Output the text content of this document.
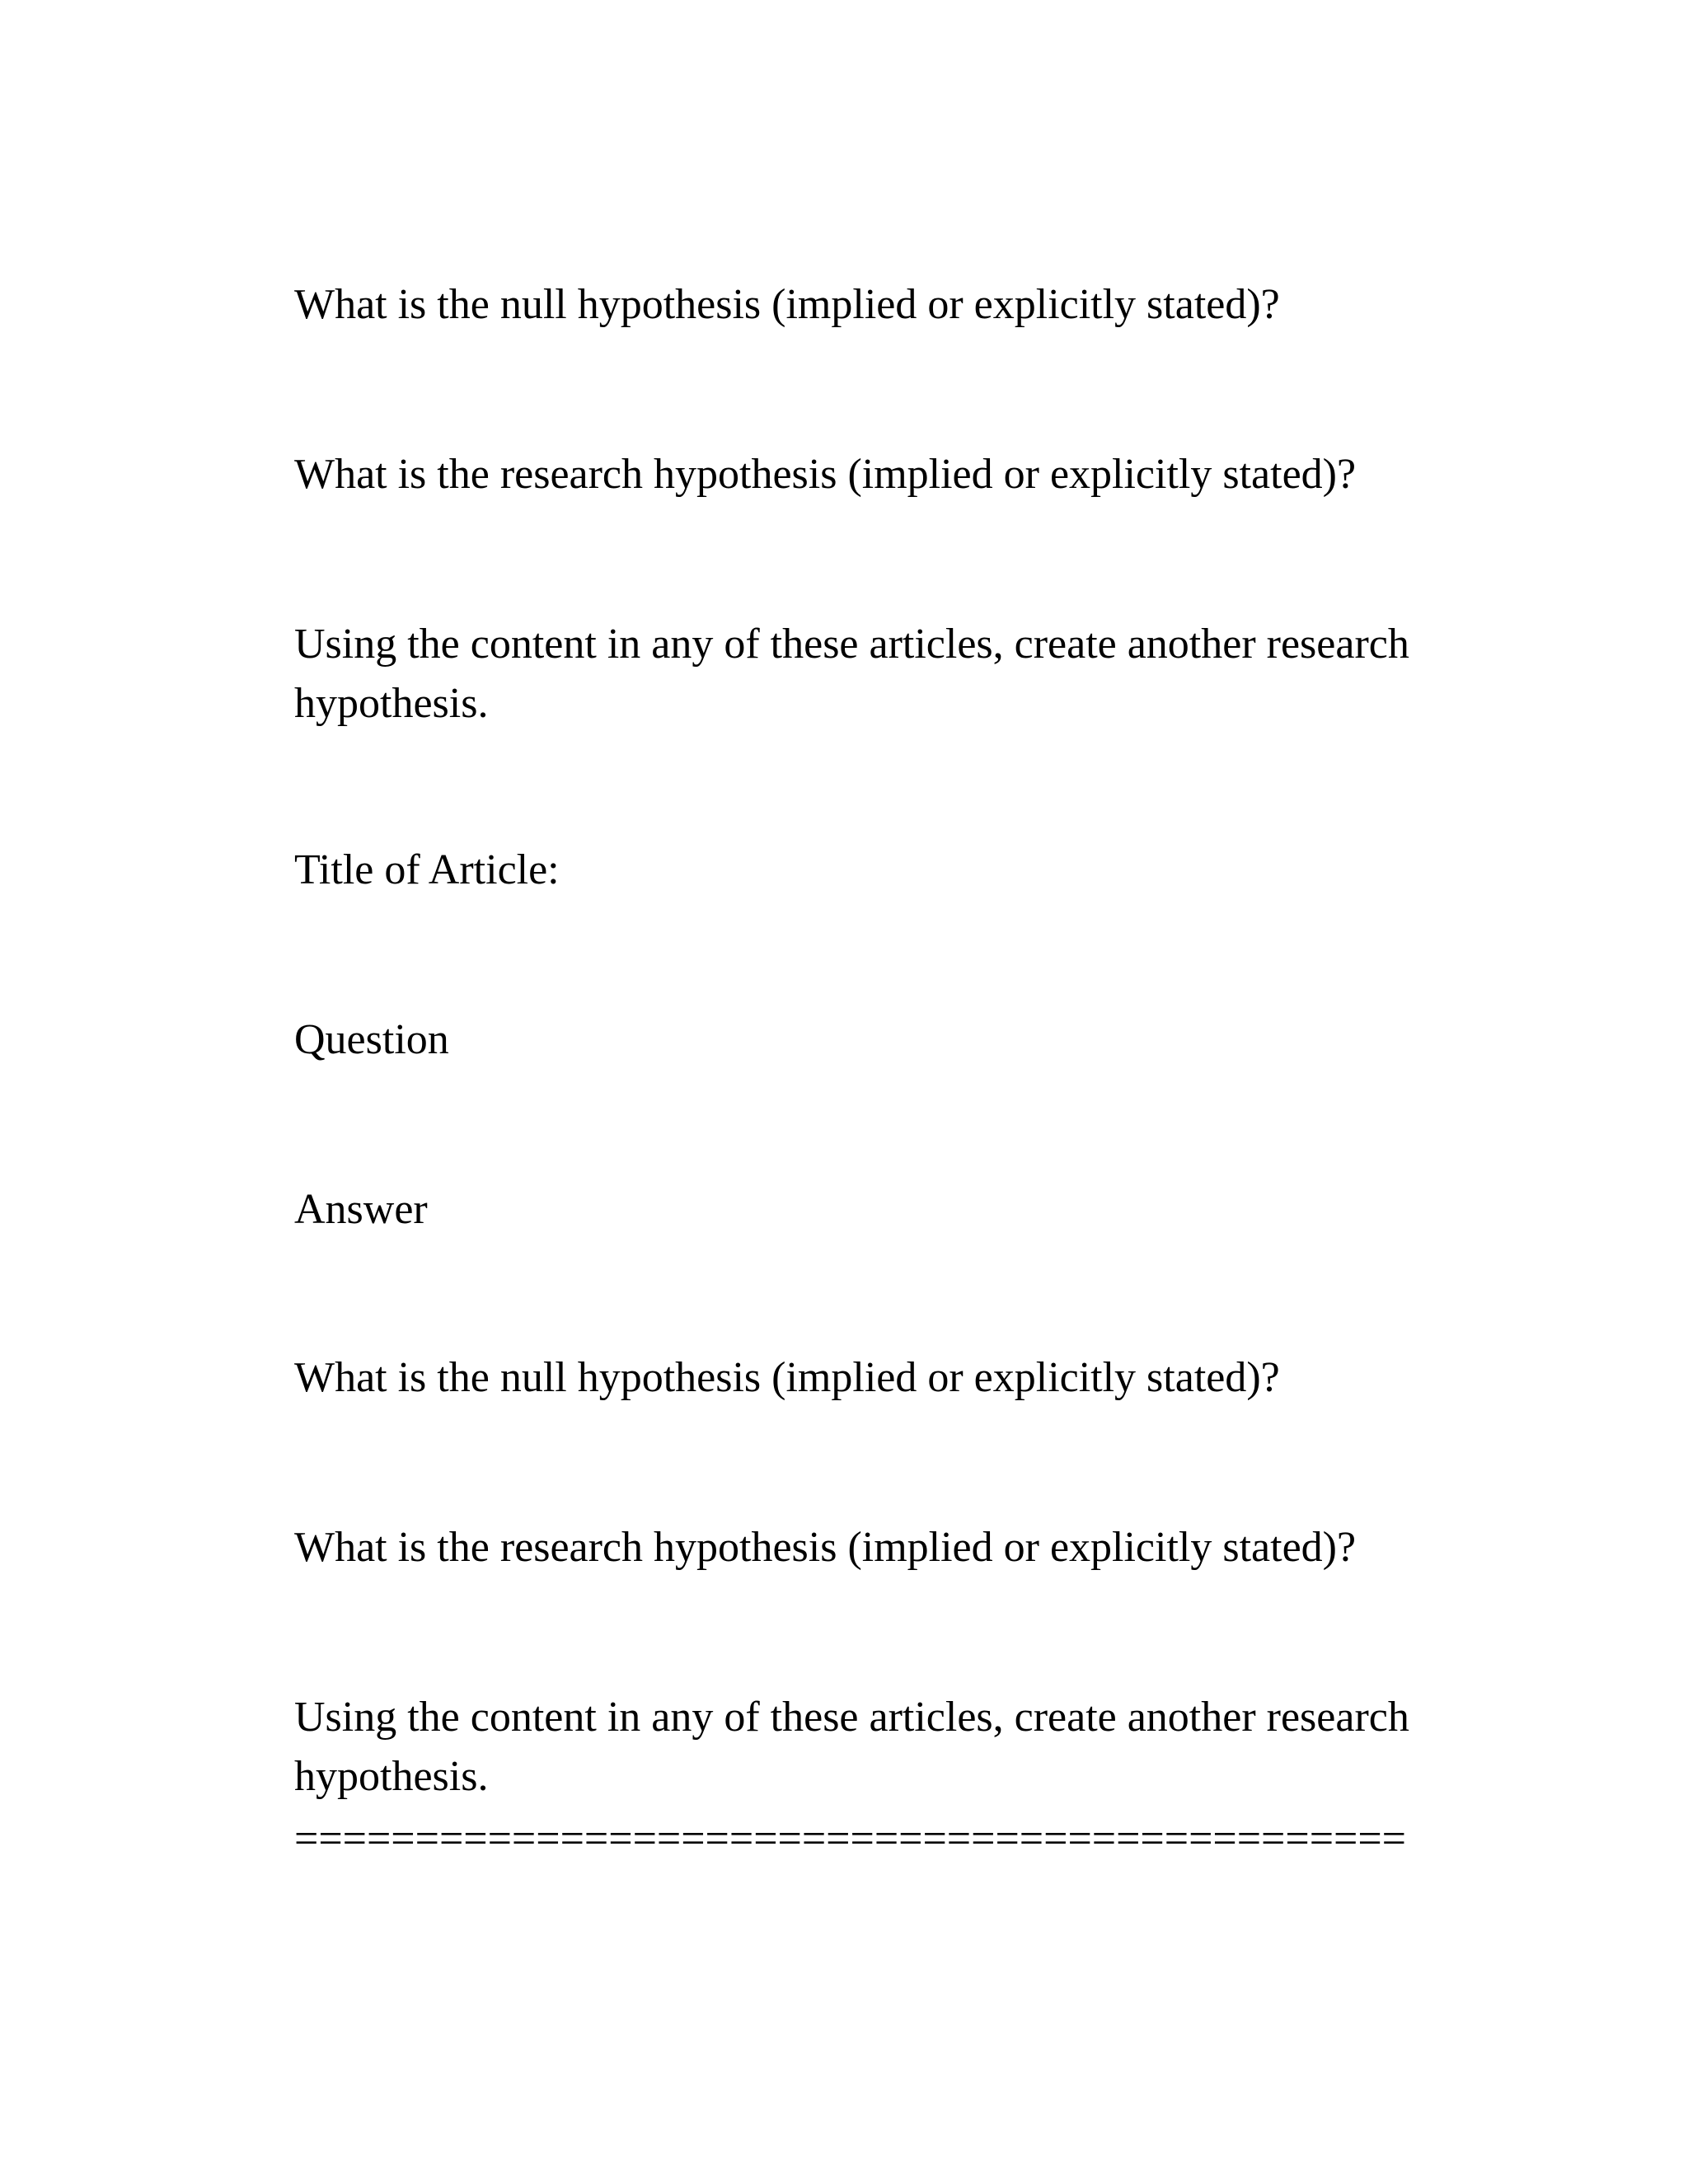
What is the null hypothesis (implied or explicitly stated)?
What is the research hypothesis (implied or explicitly stated)?
Using the content in any of these articles, create another research
hypothesis.
Title of Article:
Question
Answer
What is the null hypothesis (implied or explicitly stated)?
What is the research hypothesis (implied or explicitly stated)?
Using the content in any of these articles, create another research
hypothesis.
==============================================
